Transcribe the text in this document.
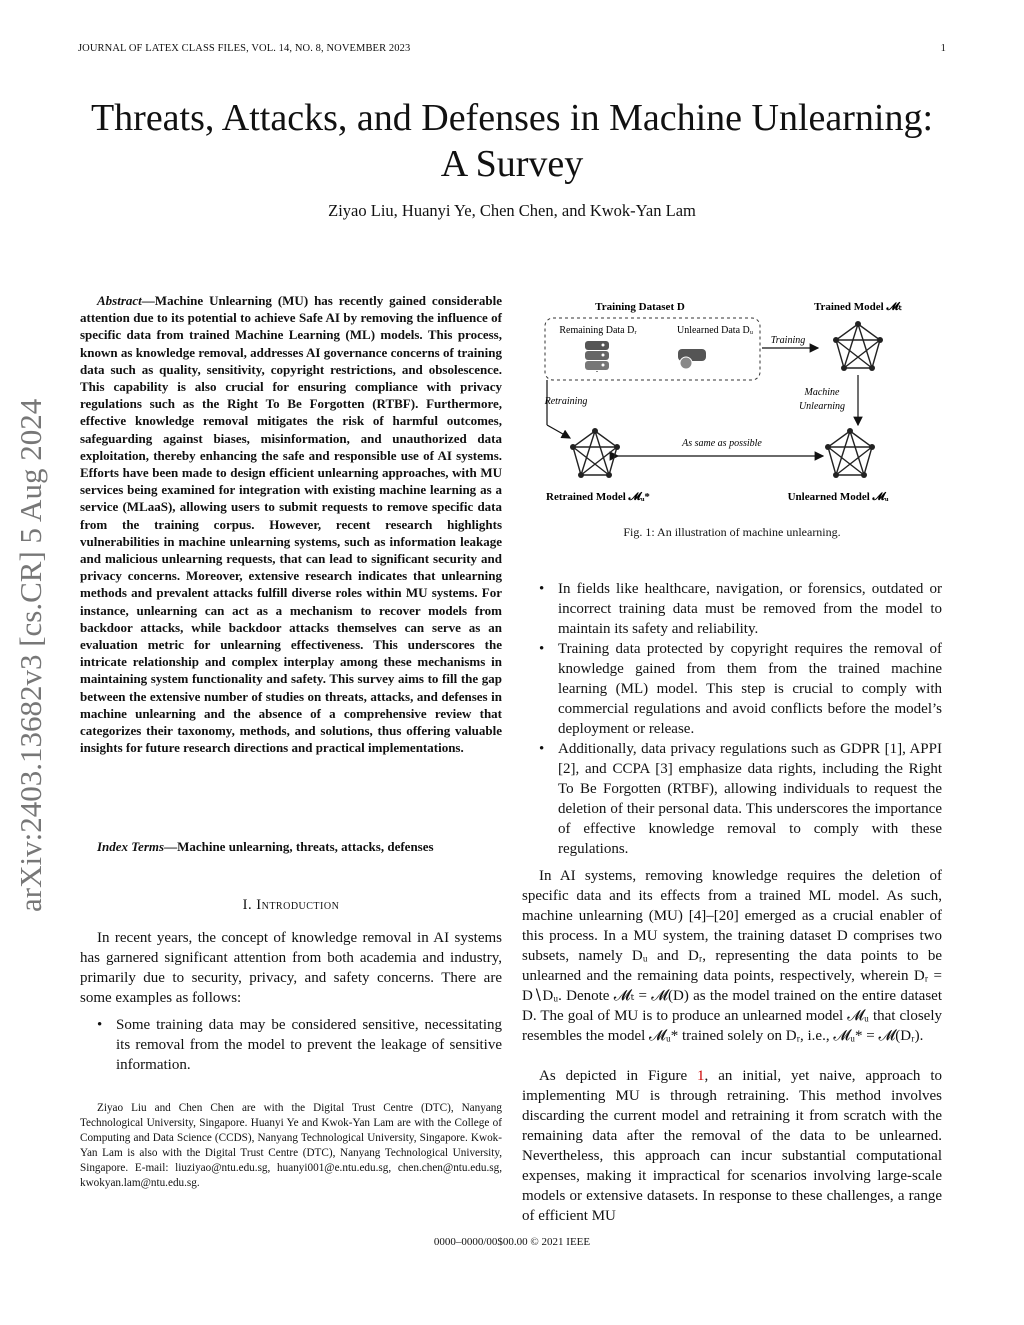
JOURNAL OF LATEX CLASS FILES, VOL. 14, NO. 8, NOVEMBER 2023	1
arXiv:2403.13682v3 [cs.CR] 5 Aug 2024
Threats, Attacks, and Defenses in Machine Unlearning: A Survey
Ziyao Liu, Huanyi Ye, Chen Chen, and Kwok-Yan Lam
Abstract—Machine Unlearning (MU) has recently gained considerable attention due to its potential to achieve Safe AI by removing the influence of specific data from trained Machine Learning (ML) models. This process, known as knowledge removal, addresses AI governance concerns of training data such as quality, sensitivity, copyright restrictions, and obsolescence. This capability is also crucial for ensuring compliance with privacy regulations such as the Right To Be Forgotten (RTBF). Furthermore, effective knowledge removal mitigates the risk of harmful outcomes, safeguarding against biases, misinformation, and unauthorized data exploitation, thereby enhancing the safe and responsible use of AI systems. Efforts have been made to design efficient unlearning approaches, with MU services being examined for integration with existing machine learning as a service (MLaaS), allowing users to submit requests to remove specific data from the training corpus. However, recent research highlights vulnerabilities in machine unlearning systems, such as information leakage and malicious unlearning requests, that can lead to significant security and privacy concerns. Moreover, extensive research indicates that unlearning methods and prevalent attacks fulfill diverse roles within MU systems. For instance, unlearning can act as a mechanism to recover models from backdoor attacks, while backdoor attacks themselves can serve as an evaluation metric for unlearning effectiveness. This underscores the intricate relationship and complex interplay among these mechanisms in maintaining system functionality and safety. This survey aims to fill the gap between the extensive number of studies on threats, attacks, and defenses in machine unlearning and the absence of a comprehensive review that categorizes their taxonomy, methods, and solutions, thus offering valuable insights for future research directions and practical implementations.
Index Terms—Machine unlearning, threats, attacks, defenses
I. Introduction
In recent years, the concept of knowledge removal in AI systems has garnered significant attention from both academia and industry, primarily due to security, privacy, and safety concerns. There are some examples as follows:
• Some training data may be considered sensitive, necessitating its removal from the model to prevent the leakage of sensitive information.
Ziyao Liu and Chen Chen are with the Digital Trust Centre (DTC), Nanyang Technological University, Singapore. Huanyi Ye and Kwok-Yan Lam are with the College of Computing and Data Science (CCDS), Nanyang Technological University, Singapore. Kwok-Yan Lam is also with the Digital Trust Centre (DTC), Nanyang Technological University, Singapore. E-mail: liuziyao@ntu.edu.sg, huanyi001@e.ntu.edu.sg, chen.chen@ntu.edu.sg, kwokyan.lam@ntu.edu.sg.
Training Dataset D
Remaining Data Dᵣ	Unlearned Data Dᵤ
Trained Model 𝓜ₜ
Training
Machine
Unlearning
Retraining
As same as possible
Retrained Model 𝓜ᵤ*	Unlearned Model 𝓜ᵤ
Fig. 1: An illustration of machine unlearning.
• In fields like healthcare, navigation, or forensics, outdated or incorrect training data must be removed from the model to maintain its safety and reliability.
• Training data protected by copyright requires the removal of knowledge gained from them from the trained machine learning (ML) model. This step is crucial to comply with commercial regulations and avoid conflicts before the model’s deployment or release.
• Additionally, data privacy regulations such as GDPR [1], APPI [2], and CCPA [3] emphasize data rights, including the Right To Be Forgotten (RTBF), allowing individuals to request the deletion of their personal data. This underscores the importance of effective knowledge removal to comply with these regulations.
In AI systems, removing knowledge requires the deletion of specific data and its effects from a trained ML model. As such, machine unlearning (MU) [4]–[20] emerged as a crucial enabler of this process. In a MU system, the training dataset D comprises two subsets, namely Dᵤ and Dᵣ, representing the data points to be unlearned and the remaining data points, respectively, wherein Dᵣ = D∖Dᵤ. Denote 𝓜ₜ = 𝓜(D) as the model trained on the entire dataset D. The goal of MU is to produce an unlearned model 𝓜ᵤ that closely resembles the model 𝓜ᵤ* trained solely on Dᵣ, i.e., 𝓜ᵤ* = 𝓜(Dᵣ).
As depicted in Figure 1, an initial, yet naive, approach to implementing MU is through retraining. This method involves discarding the current model and retraining it from scratch with the remaining data after the removal of the data to be unlearned. Nevertheless, this approach can incur substantial computational expenses, making it impractical for scenarios involving large-scale models or extensive datasets. In response to these challenges, a range of efficient MU
0000–0000/00$00.00 © 2021 IEEE
